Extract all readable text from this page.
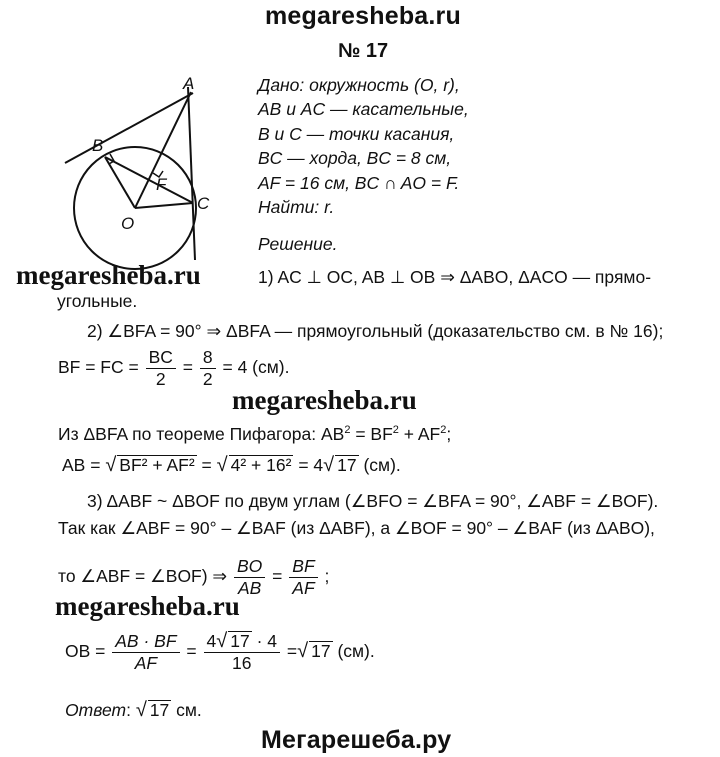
megaresheba.ru
№ 17
A
B
F
O
C
Дано: окружность (O, r),
AB и AC — касательные,
B и C — точки касания,
BC — хорда, BC = 8 см,
AF = 16 см, BC ∩ AO = F.
Найти: r.
Решение.
megaresheba.ru	1) AC ⊥ OC, AB ⊥ OB ⇒ ΔABO, ΔACO — прямо-
угольные.
2) ∠BFA = 90° ⇒ ΔBFA — прямоугольный (доказательство см. в № 16);
BF = FC = $\frac{BC}{2} = \frac{8}{2} = 4$ (см).
megaresheba.ru
Из ΔBFA по теореме Пифагора: $AB^2 = BF^2 + AF^2$;
AB = √ BF² + AF² = √ 4² + 16² = 4√ 17 (см).
3) ΔABF ~ ΔBOF по двум углам (∠BFO = ∠BFA = 90°, ∠ABF = ∠BOF).
Так как ∠ABF = 90° – ∠BAF (из ΔABF), а ∠BOF = 90° – ∠BAF (из ΔABO),
то ∠ABF = ∠BOF) ⇒ $\frac{BO}{AB} = \frac{BF}{AF}$ ;
megaresheba.ru
OB = $\frac{AB \cdot BF}{AF} = \frac{4√ 17 \cdot 4}{16}$ =√ 17 (см).
Ответ: √ 17 см.
Мегарешеба.ру
